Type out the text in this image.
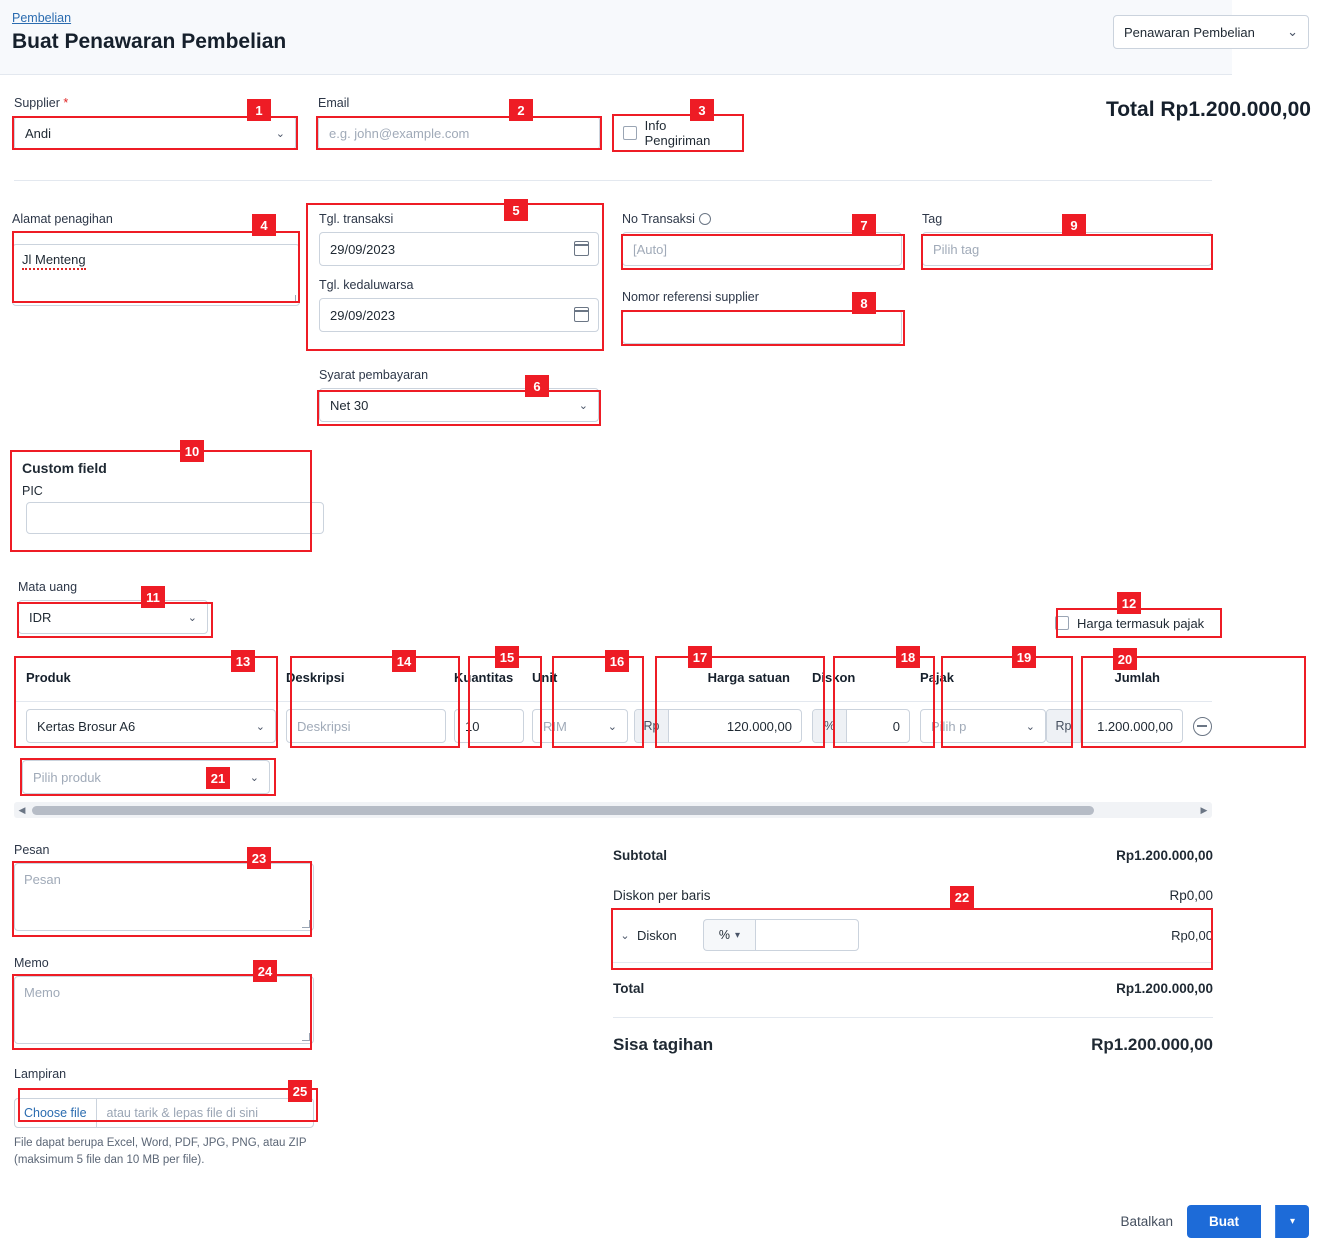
Pembelian
Buat Penawaran Pembelian	Penawaran Pembelian ⌄
Supplier *
Andi	⌄
1	Email
e.g. john@example.com
2
Info Pengiriman
3	Total Rp1.200.000,00
Alamat penagihan
Jl Menteng
4	Tgl. transaksi
29/09/2023
Tgl. kedaluwarsa
29/09/2023
5
Syarat pembayaran
Net 30	⌄
6
No Transaksi
[Auto]
7
Nomor referensi supplier	8
Tag
Pilih tag
9
Custom field
PIC
10
Mata uang
IDR	⌄
11
Harga termasuk pajak
12
Produk	Deskripsi	Kuantitas	Unit	Harga satuan	Diskon	Pajak	Jumlah
Kertas Brosur A6	⌄	Deskripsi	10	RIM	⌄	Rp	120.000,00	%	0	Pilih p	⌄	Rp	1.200.000,00
13	14	15	16	17	18	19	20
Pilih produk	⌄
21
◀	▶
Pesan
Pesan
23
Memo
Memo
24
Lampiran
Choose file	atau tarik & lepas file di sini
File dapat berupa Excel, Word, PDF, JPG, PNG, atau ZIP
(maksimum 5 file dan 10 MB per file).
25
Subtotal	Rp1.200.000,00
Diskon per baris	Rp0,00
⌄ Diskon	% ▾	Rp0,00
Total	Rp1.200.000,00
Sisa tagihan	Rp1.200.000,00
22
Batalkan	Buat	▾
